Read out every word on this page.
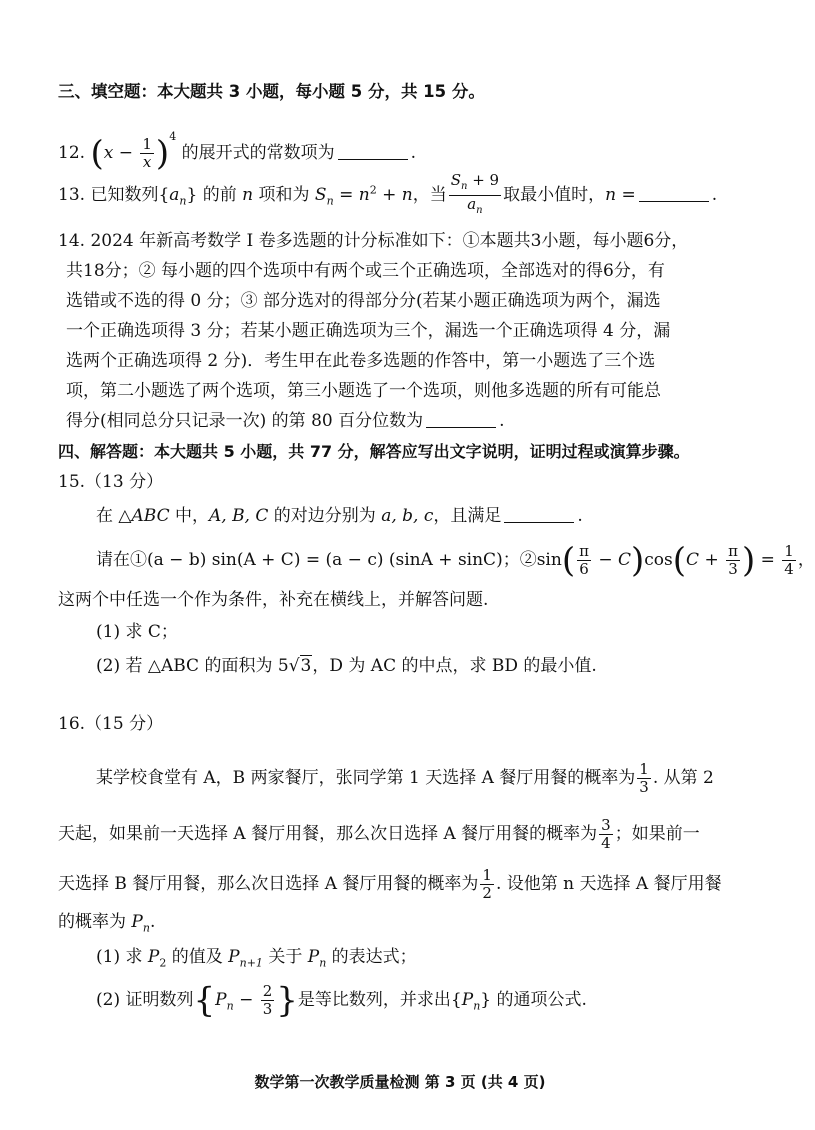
三、填空题：本大题共 3 小题，每小题 5 分，共 15 分。
12. $(x - \frac{1}{x} )^4$ 的展开式的常数项为	.
13. 已知数列$\{a_n\}$ 的前 n 项和为 $S_n = n^2 + n$，当 $\frac{S_n + 9}{a_n}$ 取最小值时，n =	.
14. 2024 年新高考数学 Ⅰ 卷多选题的计分标准如下：①本题共3小题，每小题6分，
共18分；② 每小题的四个选项中有两个或三个正确选项，全部选对的得6分，有
选错或不选的得 0 分；③ 部分选对的得部分分(若某小题正确选项为两个，漏选
一个正确选项得 3 分；若某小题正确选项为三个，漏选一个正确选项得 4 分，漏
选两个正确选项得 2 分)．考生甲在此卷多选题的作答中，第一小题选了三个选
项，第二小题选了两个选项，第三小题选了一个选项，则他多选题的所有可能总
得分(相同总分只记录一次) 的第 80 百分位数为	.
四、解答题：本大题共 5 小题，共 77 分，解答应写出文字说明，证明过程或演算步骤。
15.（13 分）
在 △ABC 中，A, B, C 的对边分别为 a, b, c，且满足	.
请在①(a − b) sin(A + C) = (a − c) (sinA + sinC)；②sin( $\frac{\pi}{6} - C)\cos(C + \frac{\pi}{3}$ ) = $\frac{1}{4}$ ，
这两个中任选一个作为条件，补充在横线上，并解答问题.
(1) 求 C；
(2) 若 △ABC 的面积为 5√3，D 为 AC 的中点，求 BD 的最小值.
16.（15 分）
某学校食堂有 A，B 两家餐厅，张同学第 1 天选择 A 餐厅用餐的概率为 $\frac{1}{3}$ . 从第 2
天起，如果前一天选择 A 餐厅用餐，那么次日选择 A 餐厅用餐的概率为 $\frac{3}{4}$ ；如果前一
天选择 B 餐厅用餐，那么次日选择 A 餐厅用餐的概率为 $\frac{1}{2}$ . 设他第 n 天选择 A 餐厅用餐
的概率为 $P_n$.
(1) 求 $P_2$ 的值及 $P_{n+1}$ 关于 $P_n$ 的表达式；
(2) 证明数列{$P_n - \frac{2}{3}$ }是等比数列，并求出$\{P_n\}$ 的通项公式.
数学第一次教学质量检测 第 3 页 (共 4 页)
